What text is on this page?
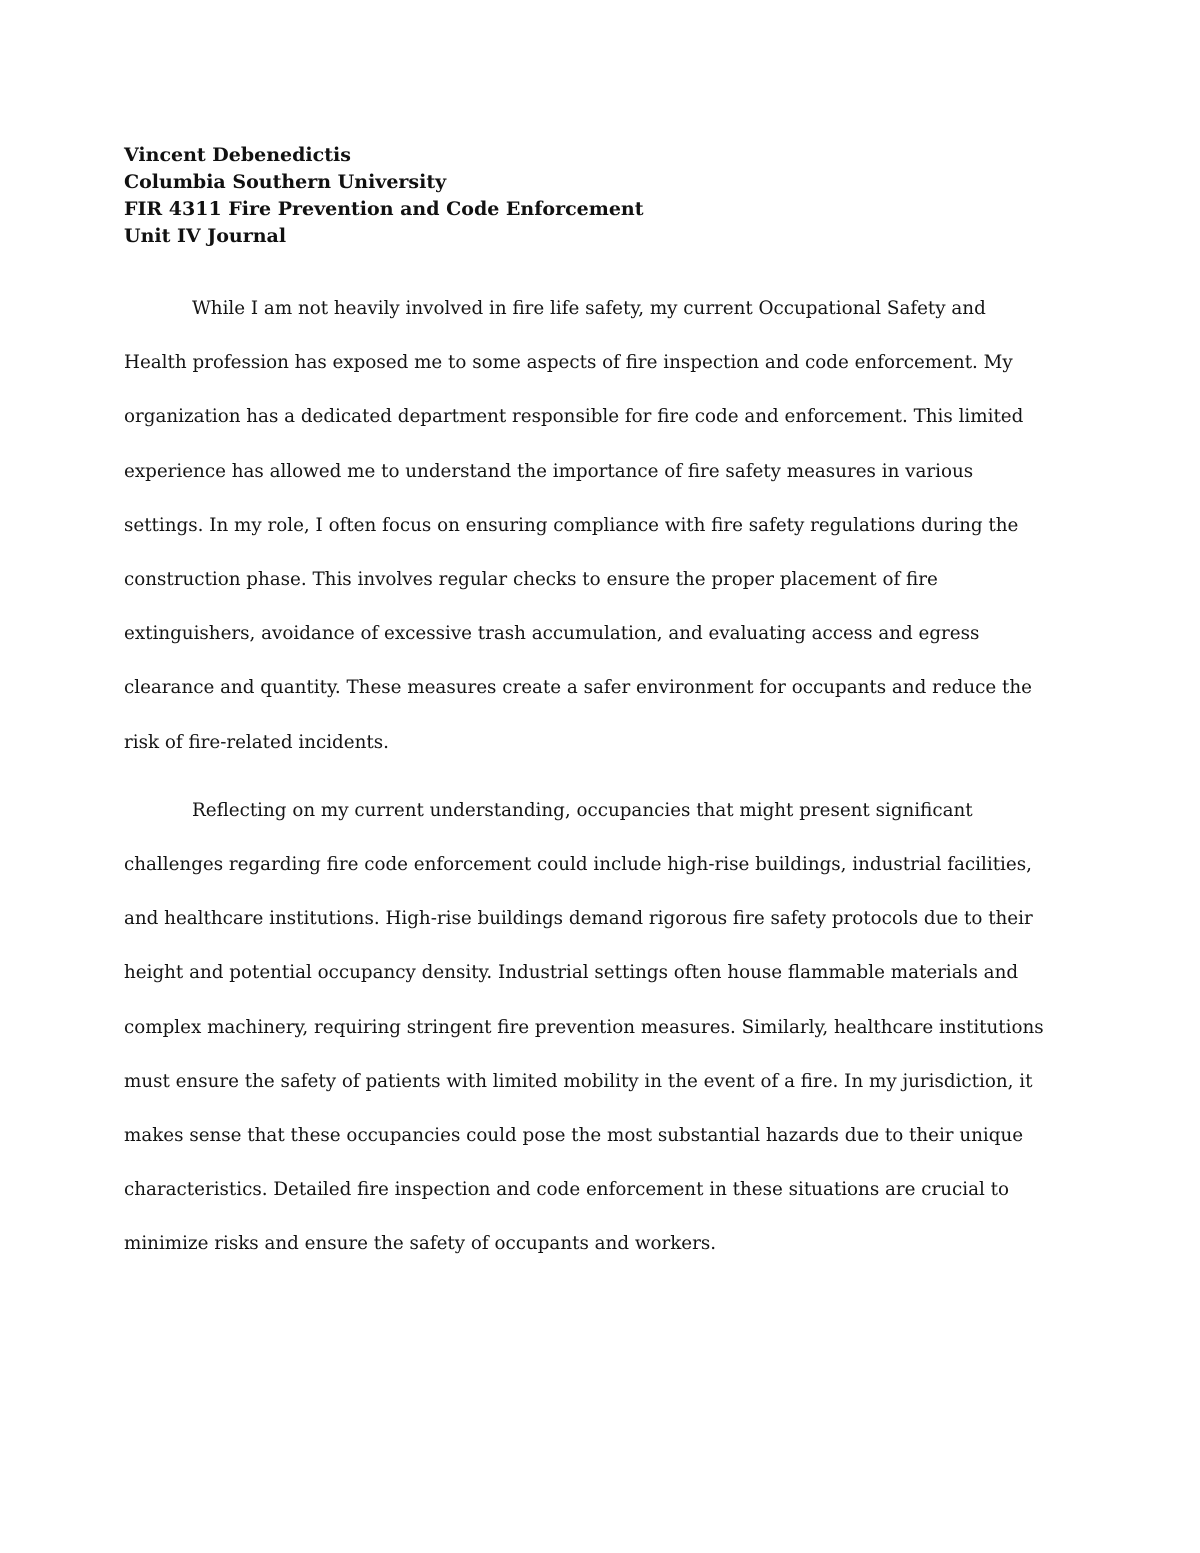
Vincent Debenedictis
Columbia Southern University
FIR 4311 Fire Prevention and Code Enforcement
Unit IV Journal
While I am not heavily involved in fire life safety, my current Occupational Safety and
Health profession has exposed me to some aspects of fire inspection and code enforcement. My
organization has a dedicated department responsible for fire code and enforcement. This limited
experience has allowed me to understand the importance of fire safety measures in various
settings. In my role, I often focus on ensuring compliance with fire safety regulations during the
construction phase. This involves regular checks to ensure the proper placement of fire
extinguishers, avoidance of excessive trash accumulation, and evaluating access and egress
clearance and quantity. These measures create a safer environment for occupants and reduce the
risk of fire-related incidents.
Reflecting on my current understanding, occupancies that might present significant
challenges regarding fire code enforcement could include high-rise buildings, industrial facilities,
and healthcare institutions. High-rise buildings demand rigorous fire safety protocols due to their
height and potential occupancy density. Industrial settings often house flammable materials and
complex machinery, requiring stringent fire prevention measures. Similarly, healthcare institutions
must ensure the safety of patients with limited mobility in the event of a fire. In my jurisdiction, it
makes sense that these occupancies could pose the most substantial hazards due to their unique
characteristics. Detailed fire inspection and code enforcement in these situations are crucial to
minimize risks and ensure the safety of occupants and workers.
